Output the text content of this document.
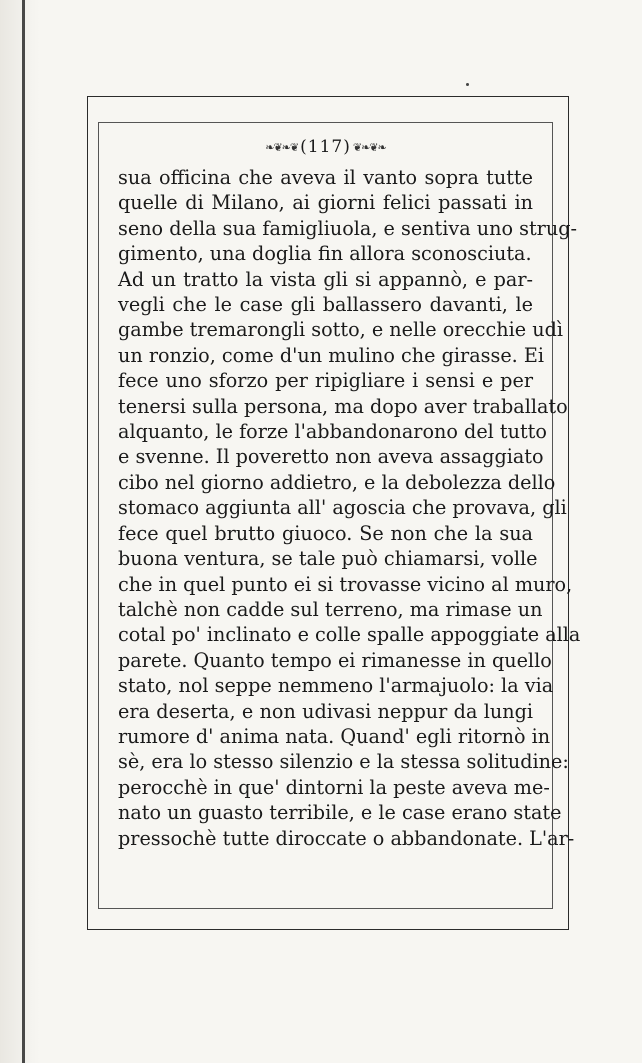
❧❦❧❦ ( 117 ) ❦❧❦❧
sua officina che aveva il vanto sopra tutte
quelle di Milano, ai giorni felici passati in
seno della sua famigliuola, e sentiva uno strug-
gimento, una doglia fin allora sconosciuta.
Ad un tratto la vista gli si appannò, e par-
vegli che le case gli ballassero davanti, le
gambe tremarongli sotto, e nelle orecchie udì
un ronzio, come d'un mulino che girasse. Ei
fece uno sforzo per ripigliare i sensi e per
tenersi sulla persona, ma dopo aver traballato
alquanto, le forze l'abbandonarono del tutto
e svenne. Il poveretto non aveva assaggiato
cibo nel giorno addietro, e la debolezza dello
stomaco aggiunta all' agoscia che provava, gli
fece quel brutto giuoco. Se non che la sua
buona ventura, se tale può chiamarsi, volle
che in quel punto ei si trovasse vicino al muro,
talchè non cadde sul terreno, ma rimase un
cotal po' inclinato e colle spalle appoggiate alla
parete. Quanto tempo ei rimanesse in quello
stato, nol seppe nemmeno l'armajuolo: la via
era deserta, e non udivasi neppur da lungi
rumore d' anima nata. Quand' egli ritornò in
sè, era lo stesso silenzio e la stessa solitudine:
perocchè in que' dintorni la peste aveva me-
nato un guasto terribile, e le case erano state
pressochè tutte diroccate o abbandonate. L'ar-
